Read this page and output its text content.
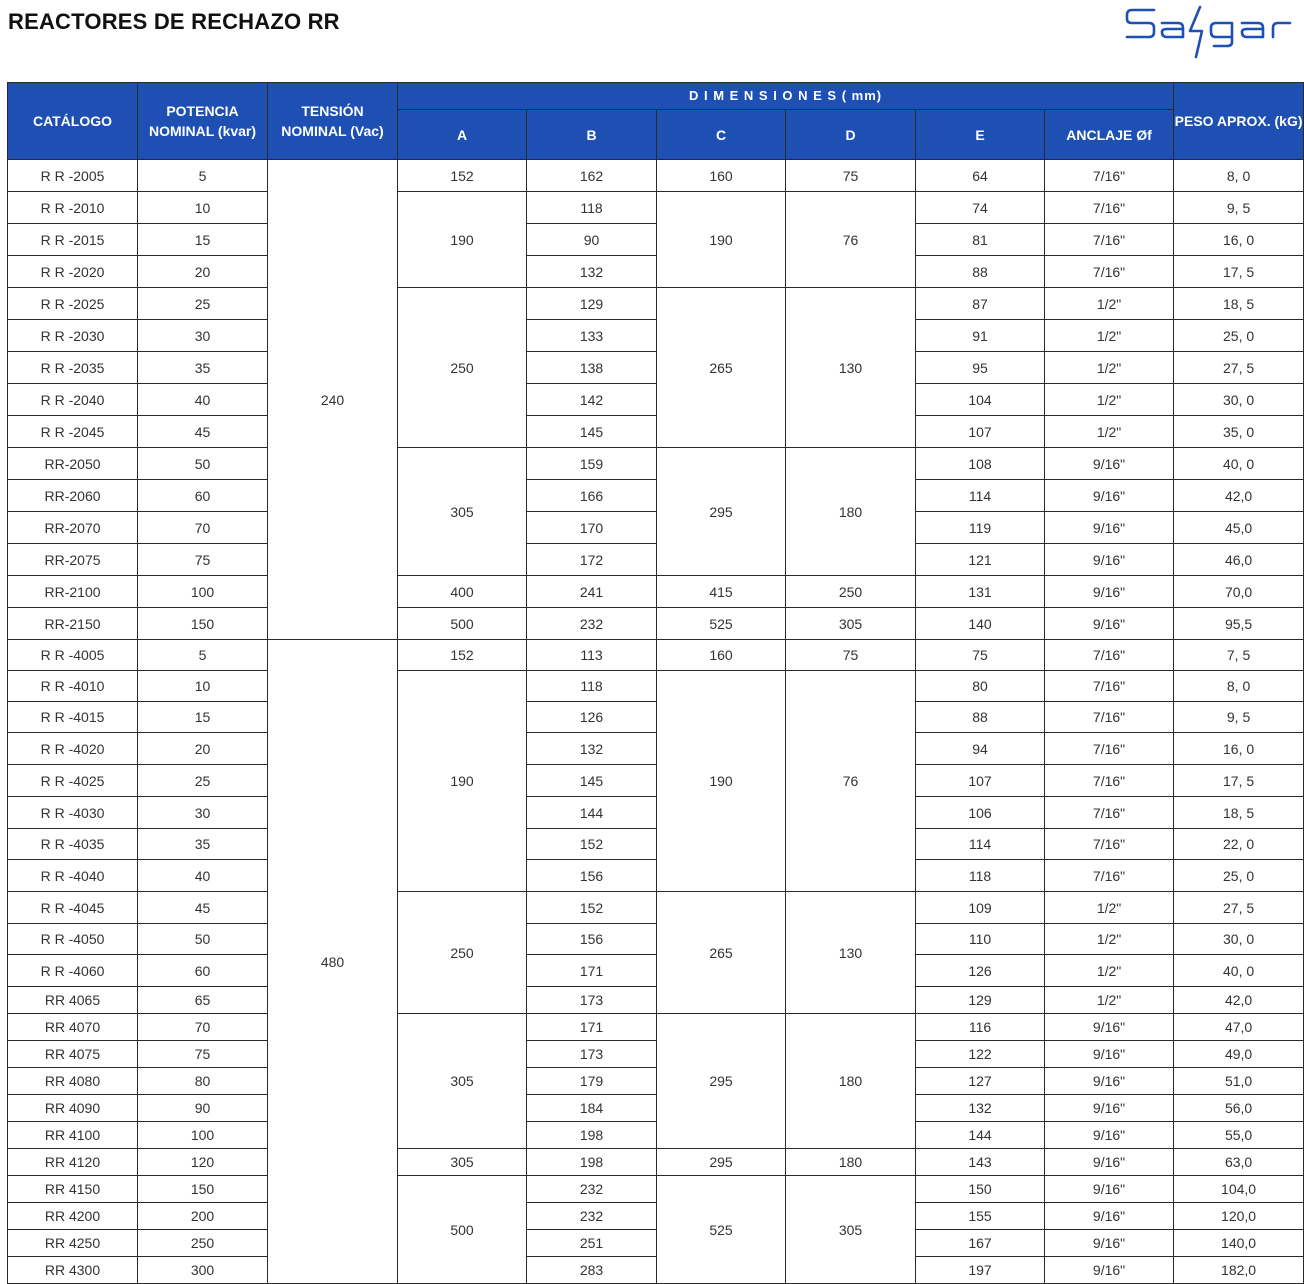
REACTORES DE RECHAZO RR
CATÁLOGO	POTENCIA NOMINAL (kvar)	TENSIÓN NOMINAL (Vac)	D I M E N S I O N E S ( mm)						PESO APROX. (kG)
			A	B	C	D	E	ANCLAJE Øf	
R R -2005	5	240	152	162	160	75	64	7/16"	8, 0
R R -2010	10		190	118	190	76	74	7/16"	9, 5
R R -2015	15			90			81	7/16"	16, 0
R R -2020	20			132			88	7/16"	17, 5
R R -2025	25		250	129	265	130	87	1/2"	18, 5
R R -2030	30			133			91	1/2"	25, 0
R R -2035	35			138			95	1/2"	27, 5
R R -2040	40			142			104	1/2"	30, 0
R R -2045	45			145			107	1/2"	35, 0
RR-2050	50		305	159	295	180	108	9/16"	40, 0
RR-2060	60			166			114	9/16"	42,0
RR-2070	70			170			119	9/16"	45,0
RR-2075	75			172			121	9/16"	46,0
RR-2100	100		400	241	415	250	131	9/16"	70,0
RR-2150	150		500	232	525	305	140	9/16"	95,5
R R -4005	5	480	152	113	160	75	75	7/16"	7, 5
R R -4010	10		190	118	190	76	80	7/16"	8, 0
R R -4015	15			126			88	7/16"	9, 5
R R -4020	20			132			94	7/16"	16, 0
R R -4025	25			145			107	7/16"	17, 5
R R -4030	30			144			106	7/16"	18, 5
R R -4035	35			152			114	7/16"	22, 0
R R -4040	40			156			118	7/16"	25, 0
R R -4045	45		250	152	265	130	109	1/2"	27, 5
R R -4050	50			156			110	1/2"	30, 0
R R -4060	60			171			126	1/2"	40, 0
RR 4065	65			173			129	1/2"	42,0
RR 4070	70		305	171	295	180	116	9/16"	47,0
RR 4075	75			173			122	9/16"	49,0
RR 4080	80			179			127	9/16"	51,0
RR 4090	90			184			132	9/16"	56,0
RR 4100	100			198			144	9/16"	55,0
RR 4120	120		305	198	295	180	143	9/16"	63,0
RR 4150	150		500	232	525	305	150	9/16"	104,0
RR 4200	200			232			155	9/16"	120,0
RR 4250	250			251			167	9/16"	140,0
RR 4300	300			283			197	9/16"	182,0
